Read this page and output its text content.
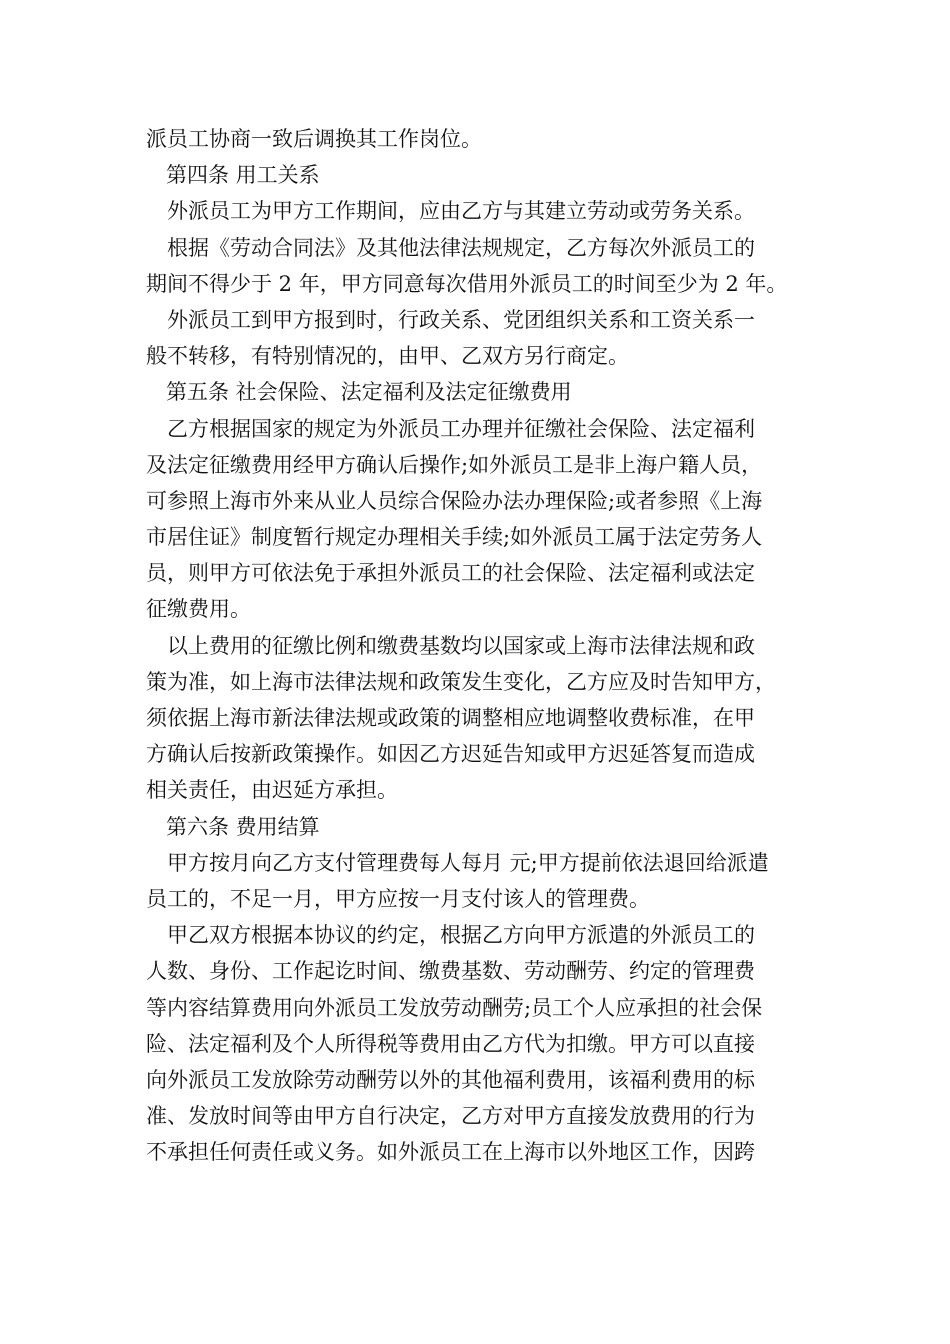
派员工协商一致后调换其工作岗位。
第四条 用工关系
外派员工为甲方工作期间，应由乙方与其建立劳动或劳务关系。
根据《劳动合同法》及其他法律法规规定，乙方每次外派员工的
期间不得少于 2 年，甲方同意每次借用外派员工的时间至少为 2 年。
外派员工到甲方报到时，行政关系、党团组织关系和工资关系一
般不转移，有特别情况的，由甲、乙双方另行商定。
第五条 社会保险、法定福利及法定征缴费用
乙方根据国家的规定为外派员工办理并征缴社会保险、法定福利
及法定征缴费用经甲方确认后操作;如外派员工是非上海户籍人员，
可参照上海市外来从业人员综合保险办法办理保险;或者参照《上海
市居住证》制度暂行规定办理相关手续;如外派员工属于法定劳务人
员，则甲方可依法免于承担外派员工的社会保险、法定福利或法定
征缴费用。
以上费用的征缴比例和缴费基数均以国家或上海市法律法规和政
策为准，如上海市法律法规和政策发生变化，乙方应及时告知甲方，
须依据上海市新法律法规或政策的调整相应地调整收费标准，在甲
方确认后按新政策操作。如因乙方迟延告知或甲方迟延答复而造成
相关责任，由迟延方承担。
第六条 费用结算
甲方按月向乙方支付管理费每人每月 元;甲方提前依法退回给派遣
员工的，不足一月，甲方应按一月支付该人的管理费。
甲乙双方根据本协议的约定，根据乙方向甲方派遣的外派员工的
人数、身份、工作起讫时间、缴费基数、劳动酬劳、约定的管理费
等内容结算费用向外派员工发放劳动酬劳;员工个人应承担的社会保
险、法定福利及个人所得税等费用由乙方代为扣缴。甲方可以直接
向外派员工发放除劳动酬劳以外的其他福利费用，该福利费用的标
准、发放时间等由甲方自行决定，乙方对甲方直接发放费用的行为
不承担任何责任或义务。如外派员工在上海市以外地区工作，因跨
